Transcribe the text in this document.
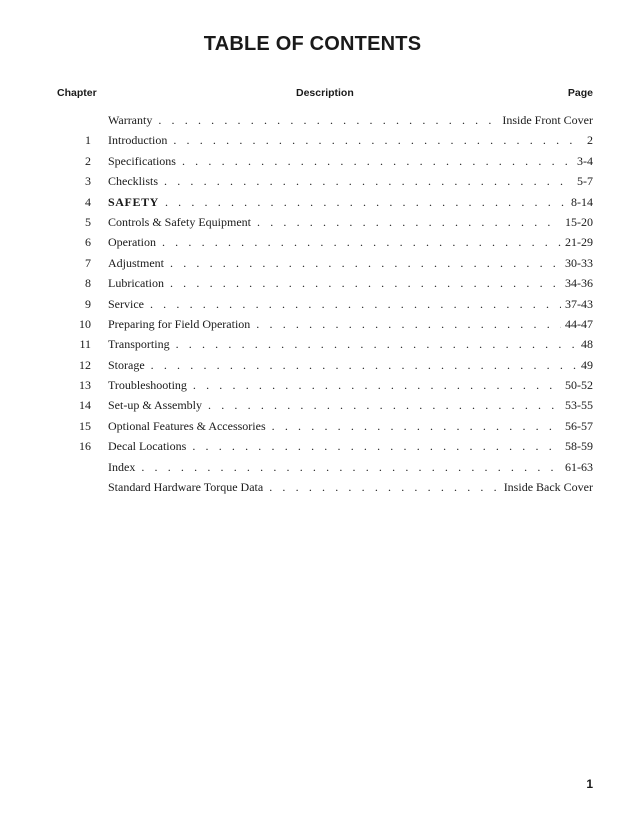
TABLE OF CONTENTS
Chapter	Description	Page
Warranty . . .	Inside Front Cover
1 Introduction . . .	2
2 Specifications . . .	3-4
3 Checklists . . .	5-7
4 SAFETY . . .	8-14
5 Controls & Safety Equipment . . .	15-20
6 Operation . . .	21-29
7 Adjustment . . .	30-33
8 Lubrication . . .	34-36
9 Service . . .	37-43
10 Preparing for Field Operation . . .	44-47
11 Transporting . . .	48
12 Storage . . .	49
13 Troubleshooting . . .	50-52
14 Set-up & Assembly . . .	53-55
15 Optional Features & Accessories . . .	56-57
16 Decal Locations . . .	58-59
Index . . .	61-63
Standard Hardware Torque Data . . .	Inside Back Cover
1
